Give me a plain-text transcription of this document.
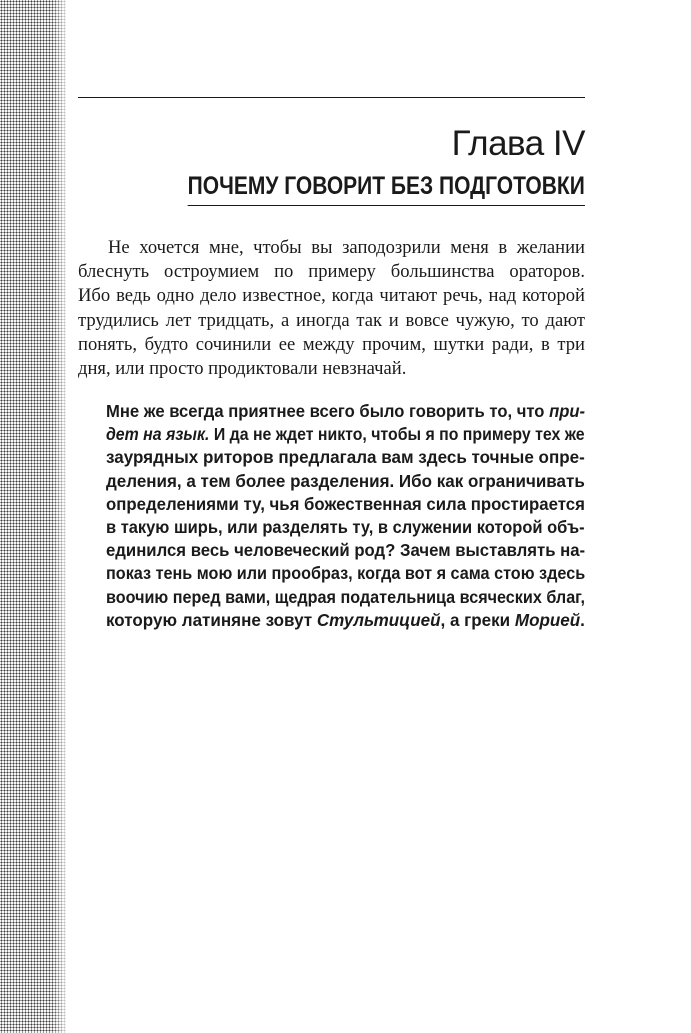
Глава IV
ПОЧЕМУ ГОВОРИТ БЕЗ ПОДГОТОВКИ
Не хочется мне, чтобы вы заподозрили меня в желании
блеснуть остроумием по примеру большинства ораторов.
Ибо ведь одно дело известное, когда читают речь, над которой
трудились лет тридцать, а иногда так и вовсе чужую, то дают
понять, будто сочинили ее между прочим, шутки ради, в три
дня, или просто продиктовали невзначай.
Мне же всегда приятнее всего было говорить то, что при-
дет на язык. И да не ждет никто, чтобы я по примеру тех же
заурядных риторов предлагала вам здесь точные опре-
деления, а тем более разделения. Ибо как ограничивать
определениями ту, чья божественная сила простирается
в такую ширь, или разделять ту, в служении которой объ-
единился весь человеческий род? Зачем выставлять на-
показ тень мою или прообраз, когда вот я сама стою здесь
воочию перед вами, щедрая подательница всяческих благ,
которую латиняне зовут Стультицией, а греки Морией.
